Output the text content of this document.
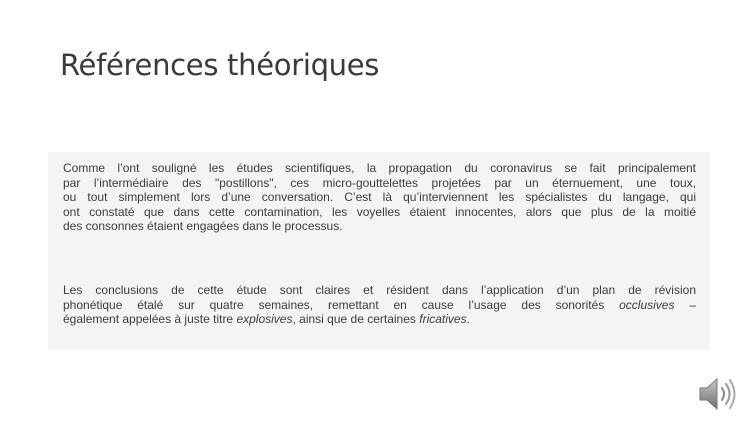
Références théoriques

Comme l’ont souligné les études scientifiques, la propagation du coronavirus se fait principalement
par l’intermédiaire des "postillons", ces micro-gouttelettes projetées par un éternuement, une toux,
ou tout simplement lors d’une conversation. C’est là qu’interviennent les spécialistes du langage, qui
ont constaté que dans cette contamination, les voyelles étaient innocentes, alors que plus de la moitié
des consonnes étaient engagées dans le processus.

Les conclusions de cette étude sont claires et résident dans l’application d’un plan de révision
phonétique étalé sur quatre semaines, remettant en cause l’usage des sonorités occlusives –
également appelées à juste titre explosives, ainsi que de certaines fricatives.
